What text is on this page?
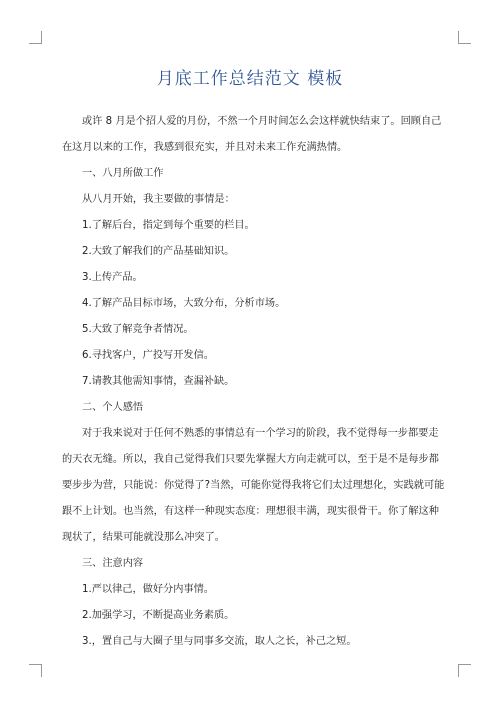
月底工作总结范文 模板

或许 8 月是个招人爱的月份，不然一个月时间怎么会这样就快结束了。回顾自己

在这月以来的工作，我感到很充实，并且对未来工作充满热情。

一、八月所做工作

从八月开始，我主要做的事情是：

1.了解后台，指定到每个重要的栏目。

2.大致了解我们的产品基础知识。

3.上传产品。

4.了解产品目标市场，大致分布，分析市场。

5.大致了解竞争者情况。

6.寻找客户，广投写开发信。

7.请教其他需知事情，查漏补缺。

二、个人感悟

对于我来说对于任何不熟悉的事情总有一个学习的阶段，我不觉得每一步都要走

的天衣无缝。所以，我自己觉得我们只要先掌握大方向走就可以，至于是不是每步都

要步步为营，只能说：你觉得了?当然，可能你觉得我将它们太过理想化，实践就可能

跟不上计划。也当然，有这样一种现实态度：理想很丰满，现实很骨干。你了解这种

现状了，结果可能就没那么冲突了。

三、注意内容

1.严以律己，做好分内事情。

2.加强学习，不断提高业务素质。

3.，置自己与大圈子里与同事多交流，取人之长，补己之短。
